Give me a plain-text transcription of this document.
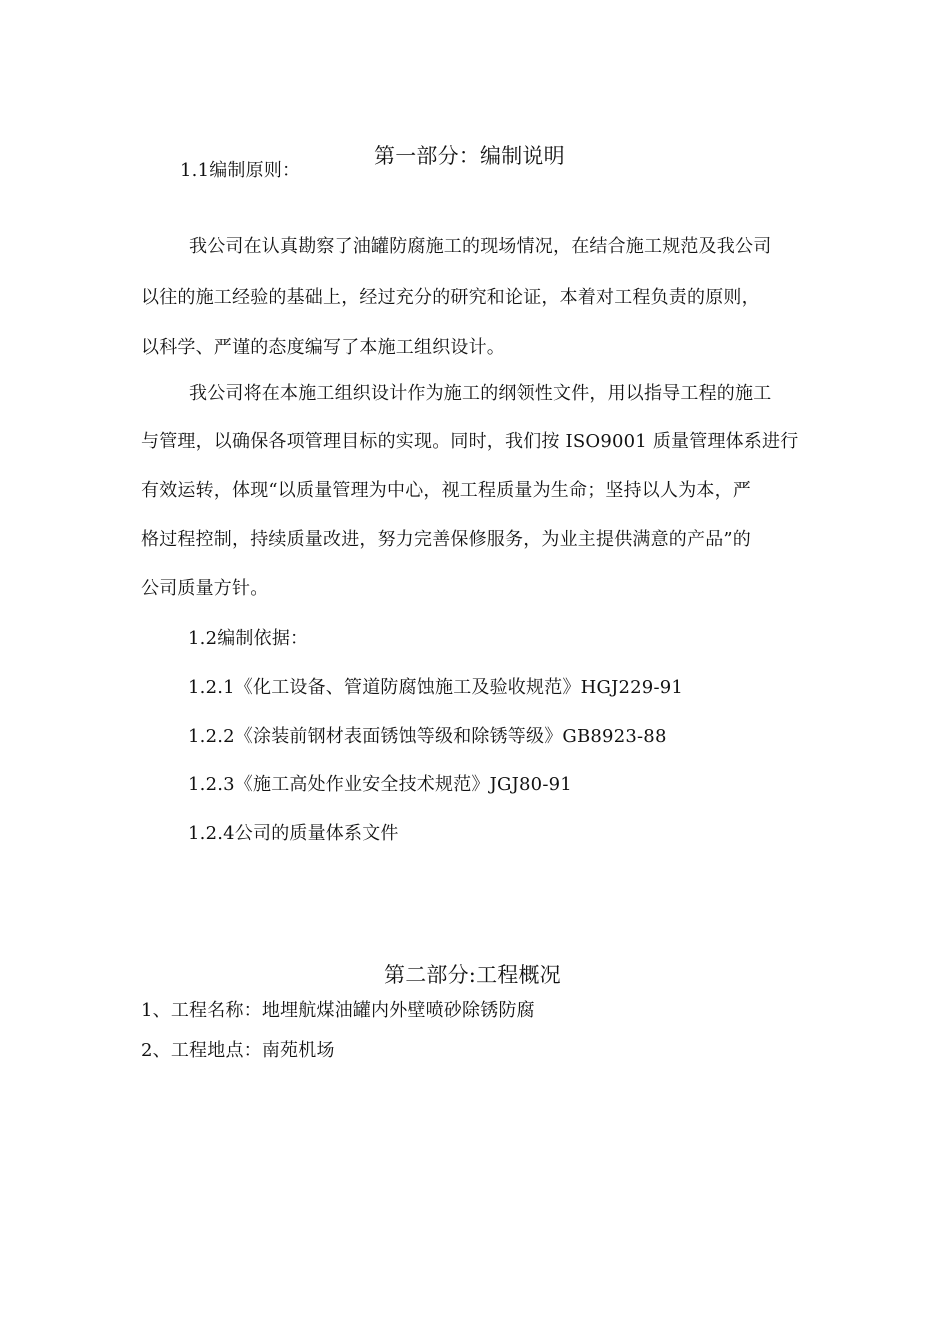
第一部分：编制说明
1.1编制原则：
我公司在认真勘察了油罐防腐施工的现场情况，在结合施工规范及我公司
以往的施工经验的基础上，经过充分的研究和论证，本着对工程负责的原则，
以科学、严谨的态度编写了本施工组织设计。
我公司将在本施工组织设计作为施工的纲领性文件，用以指导工程的施工
与管理，以确保各项管理目标的实现。同时，我们按 ISO9001 质量管理体系进行
有效运转，体现“以质量管理为中心，视工程质量为生命；坚持以人为本，严
格过程控制，持续质量改进，努力完善保修服务，为业主提供满意的产品”的
公司质量方针。
1.2编制依据：
1.2.1《化工设备、管道防腐蚀施工及验收规范》HGJ229-91
1.2.2《涂装前钢材表面锈蚀等级和除锈等级》GB8923-88
1.2.3《施工高处作业安全技术规范》JGJ80-91
1.2.4公司的质量体系文件
第二部分:工程概况
1、工程名称：地埋航煤油罐内外壁喷砂除锈防腐
2、工程地点：南苑机场
